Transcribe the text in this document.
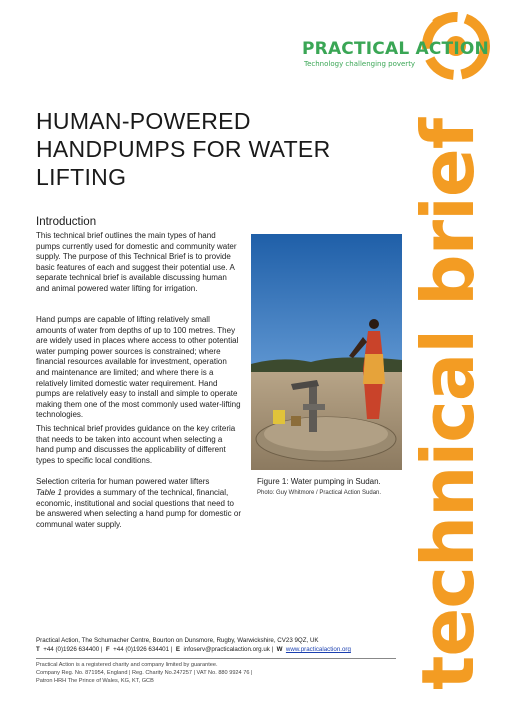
PRACTICAL ACTION
Technology challenging poverty
technical brief
HUMAN-POWERED
HANDPUMPS FOR WATER
LIFTING
Introduction

This technical brief outlines the main types of hand pumps currently used for domestic and community water supply. The purpose of this Technical Brief is to provide basic features of each and suggest their potential use. A separate technical brief is available discussing human and animal powered water lifting for irrigation.

Hand pumps are capable of lifting relatively small amounts of water from depths of up to 100 metres. They are widely used in places where access to other potential water pumping power sources is constrained; where financial resources available for investment, operation and maintenance are limited; and where there is a relatively limited domestic water requirement. Hand pumps are relatively easy to install and simple to operate making them one of the most commonly used water-lifting technologies.

This technical brief provides guidance on the key criteria that needs to be taken into account when selecting a hand pump and discusses the applicability of different types to specific local conditions.

Selection criteria for human powered water lifters

Table 1 provides a summary of the technical, financial, economic, institutional and social questions that need to be answered when selecting a hand pump for domestic or communal water supply.

Figure 1: Water pumping in Sudan.
Photo: Guy Whitmore / Practical Action Sudan.
Practical Action, The Schumacher Centre, Bourton on Dunsmore, Rugby, Warwickshire, CV23 9QZ, UK
T +44 (0)1926 634400 |  F +44 (0)1926 634401 |  E infoserv@practicalaction.org.uk |  W www.practicalaction.org
Practical Action is a registered charity and company limited by guarantee.
Company Reg. No. 871954, England | Reg. Charity No.247257 | VAT No. 880 9924 76 |
Patron HRH The Prince of Wales, KG, KT, GCB
